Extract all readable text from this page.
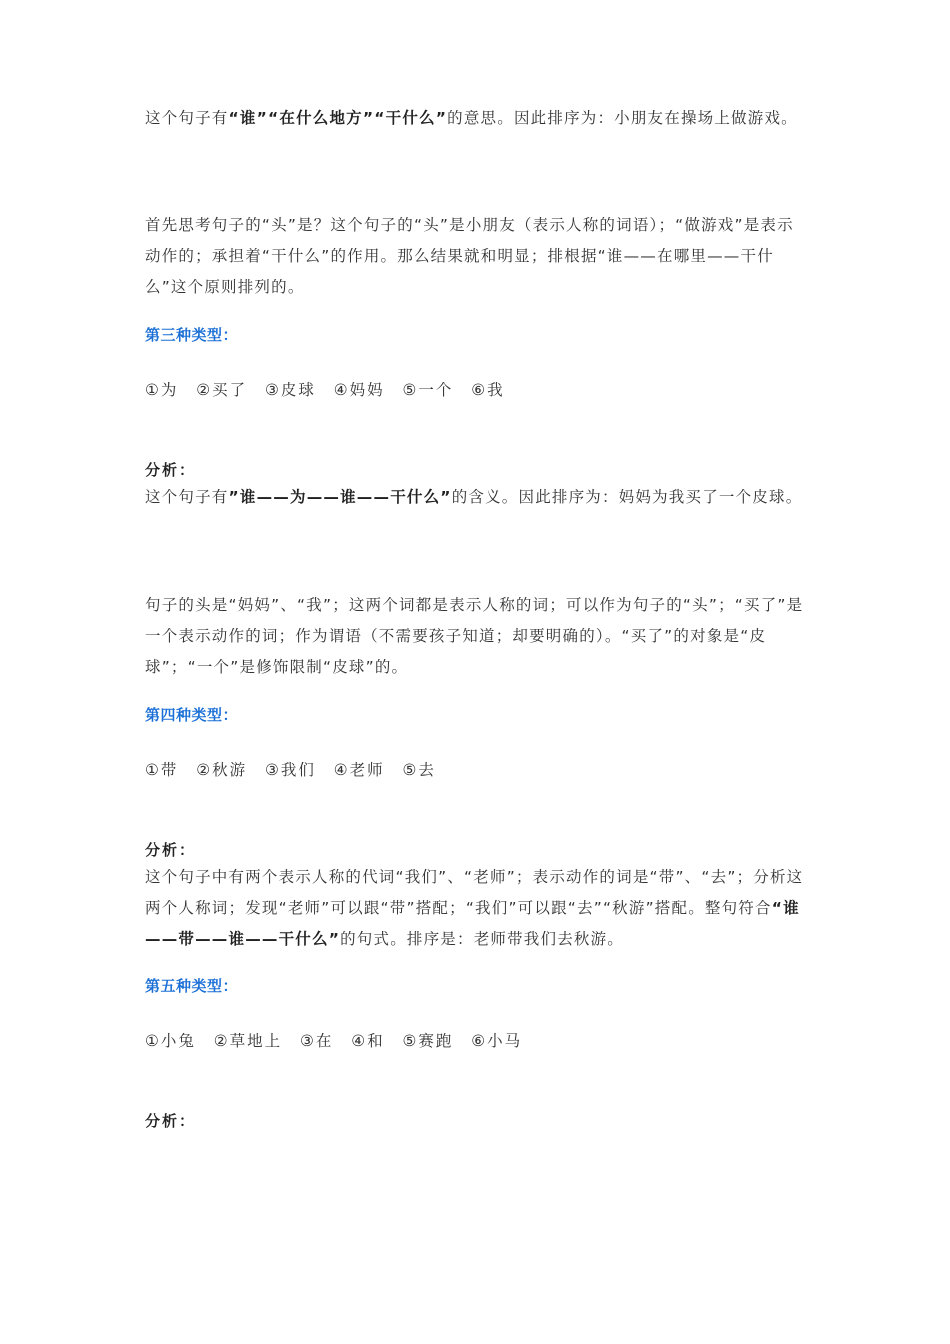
这个句子有“谁”“在什么地方”“干什么”的意思。因此排序为：小朋友在操场上做游戏。

首先思考句子的“头”是？这个句子的“头”是小朋友（表示人称的词语）；“做游戏”是表示动作的；承担着“干什么”的作用。那么结果就和明显；排根据“谁——在哪里——干什么”这个原则排列的。

第三种类型：

①为  ②买了  ③皮球  ④妈妈  ⑤一个  ⑥我

分析：

这个句子有”谁——为——谁——干什么”的含义。因此排序为：妈妈为我买了一个皮球。

句子的头是“妈妈”、“我”；这两个词都是表示人称的词；可以作为句子的“头”；“买了”是一个表示动作的词；作为谓语（不需要孩子知道；却要明确的）。“买了”的对象是“皮球”；“一个”是修饰限制“皮球”的。

第四种类型：

①带  ②秋游  ③我们  ④老师  ⑤去

分析：

这个句子中有两个表示人称的代词“我们”、“老师”；表示动作的词是“带”、“去”；分析这两个人称词；发现“老师”可以跟“带”搭配；“我们”可以跟“去”“秋游”搭配。整句符合“谁——带——谁——干什么”的句式。排序是：老师带我们去秋游。

第五种类型：

①小兔  ②草地上  ③在  ④和  ⑤赛跑  ⑥小马

分析：
